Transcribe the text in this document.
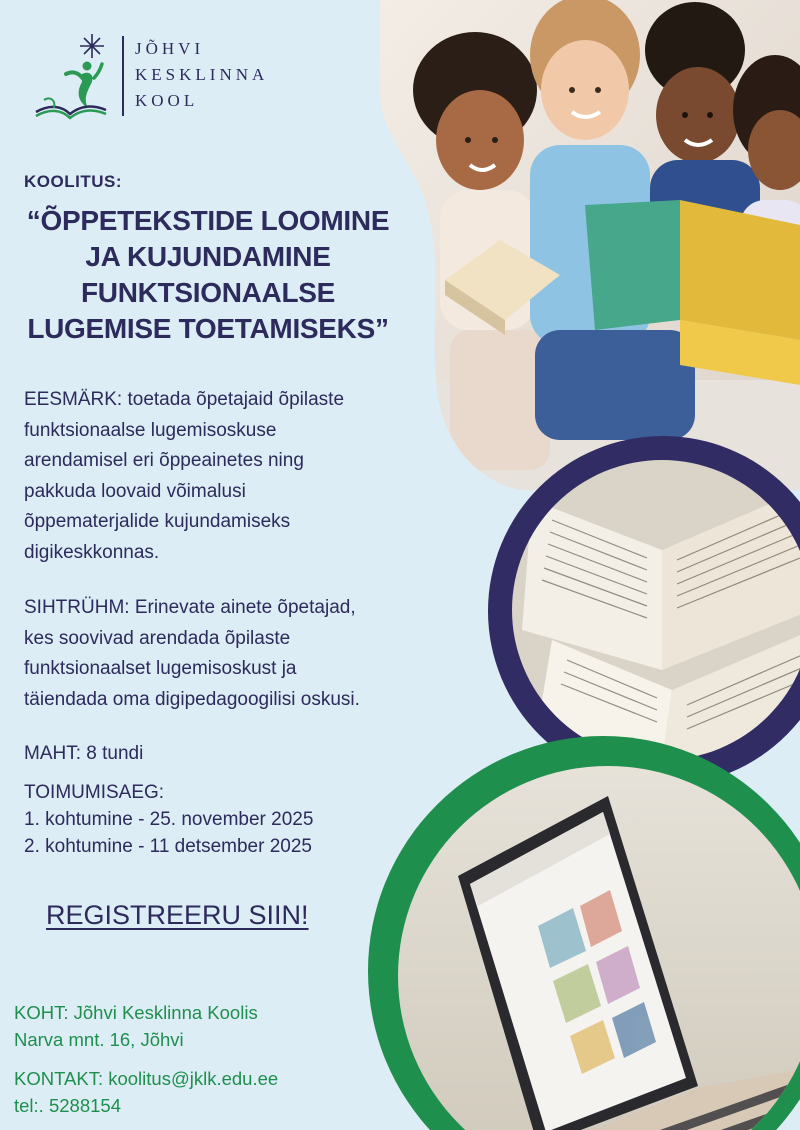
JÕHVI
KESKLINNA
KOOL
KOOLITUS:
“ÕPPETEKSTIDE LOOMINE
JA KUJUNDAMINE
FUNKTSIONAALSE
LUGEMISE TOETAMISEKS”
EESMÄRK: toetada õpetajaid õpilaste
funktsionaalse lugemisoskuse
arendamisel eri õppeainetes ning
pakkuda loovaid võimalusi
õppematerjalide kujundamiseks
digikeskkonnas.
SIHTRÜHM: Erinevate ainete õpetajad,
kes soovivad arendada õpilaste
funktsionaalset lugemisoskust ja
täiendada oma digipedagoogilisi oskusi.
MAHT: 8 tundi
TOIMUMISAEG:
1. kohtumine - 25. november 2025
2. kohtumine - 11 detsember 2025
REGISTREERU SIIN!
KOHT: Jõhvi Kesklinna Koolis
Narva mnt. 16, Jõhvi
KONTAKT: koolitus@jklk.edu.ee
tel:. 5288154
